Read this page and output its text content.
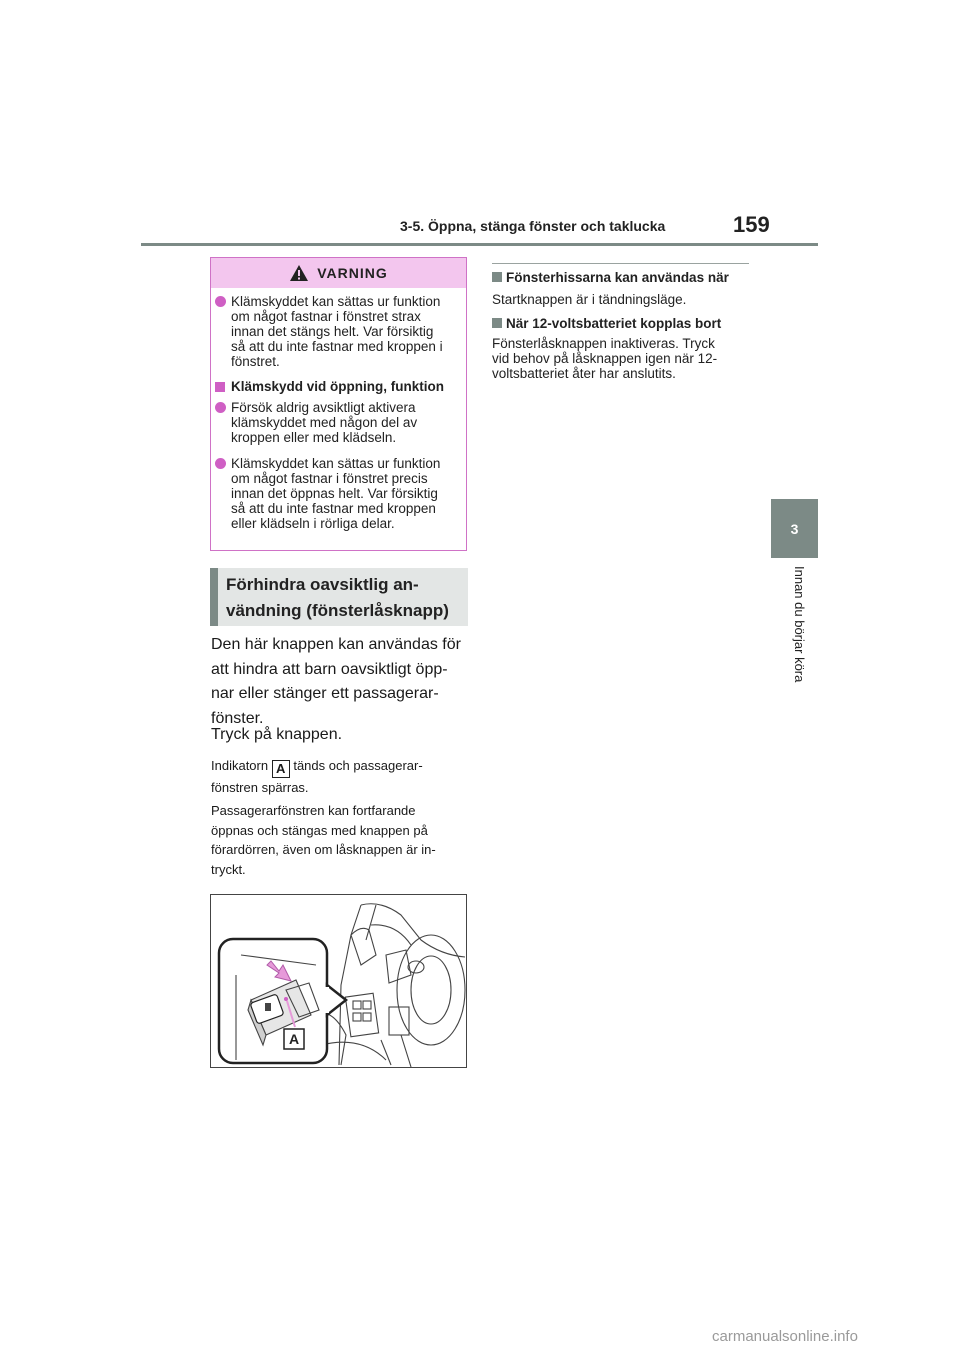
3-5. Öppna, stänga fönster och taklucka	159
3
Innan du börjar köra
VARNING
Klämskyddet kan sättas ur funktion
om något fastnar i fönstret strax
innan det stängs helt. Var försiktig
så att du inte fastnar med kroppen i
fönstret.
Klämskydd vid öppning, funktion
Försök aldrig avsiktligt aktivera
klämskyddet med någon del av
kroppen eller med klädseln.
Klämskyddet kan sättas ur funktion
om något fastnar i fönstret precis
innan det öppnas helt. Var försiktig
så att du inte fastnar med kroppen
eller klädseln i rörliga delar.
Förhindra oavsiktlig an-
vändning (fönsterlåsknapp)
Den här knappen kan användas för
att hindra att barn oavsiktligt öpp-
nar eller stänger ett passagerar-
fönster.
Tryck på knappen.
Indikatorn A tänds och passagerar-
fönstren spärras.
Passagerarfönstren kan fortfarande
öppnas och stängas med knappen på
förardörren, även om låsknappen är in-
tryckt.
A
Fönsterhissarna kan användas när
Startknappen är i tändningsläge.
När 12-voltsbatteriet kopplas bort
Fönsterlåsknappen inaktiveras. Tryck
vid behov på låsknappen igen när 12-
voltsbatteriet åter har anslutits.
carmanualsonline.info
